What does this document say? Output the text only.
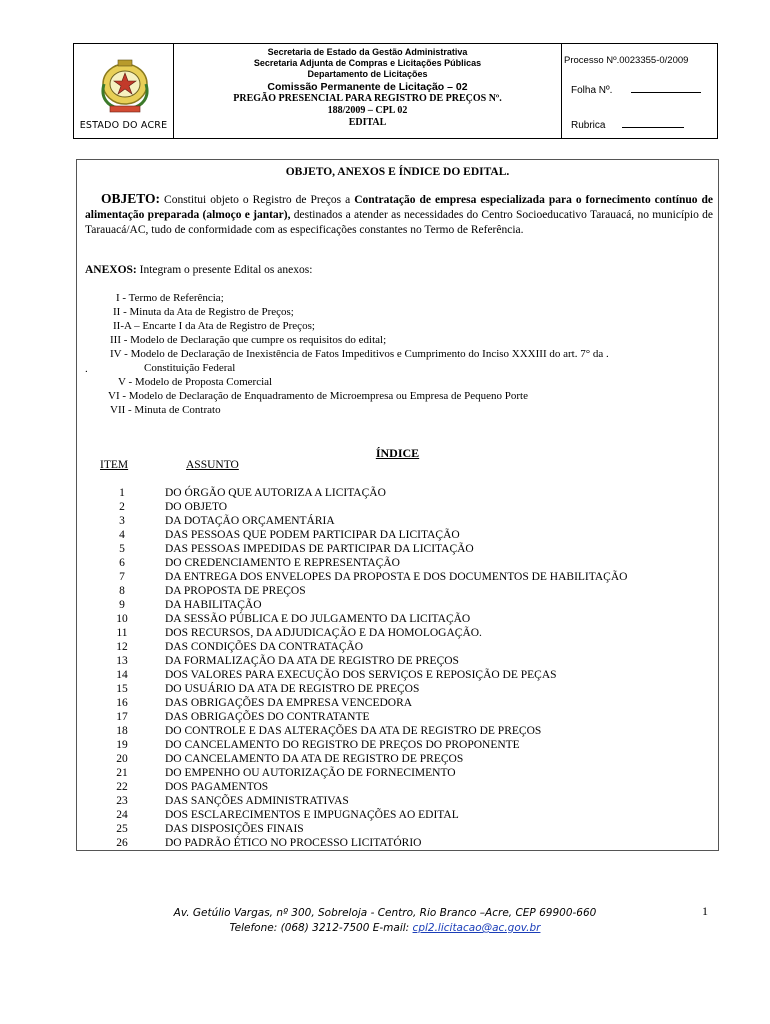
ESTADO DO ACRE
Secretaria de Estado da Gestão Administrativa
Secretaria Adjunta de Compras e Licitações Públicas
Departamento de Licitações
Comissão Permanente de Licitação – 02
PREGÃO PRESENCIAL PARA REGISTRO DE PREÇOS Nº.
188/2009 – CPL 02
EDITAL
Processo Nº.0023355-0/2009
Folha Nº.
Rubrica
OBJETO, ANEXOS E ÍNDICE DO EDITAL.
OBJETO: Constitui objeto o Registro de Preços a Contratação de empresa especializada para o fornecimento contínuo de alimentação preparada (almoço e jantar), destinados a atender as necessidades do Centro Socioeducativo Tarauacá, no município de Tarauacá/AC, tudo de conformidade com as especificações constantes no Termo de Referência.
ANEXOS: Integram o presente Edital os anexos:
I - Termo de Referência;
II - Minuta da Ata de Registro de Preços;
II-A – Encarte I da Ata de Registro de Preços;
III - Modelo de Declaração que cumpre os requisitos do edital;
IV - Modelo de Declaração de Inexistência de Fatos Impeditivos e Cumprimento do Inciso XXXIII do art. 7° da .
.	Constituição Federal
V - Modelo de Proposta Comercial
VI - Modelo de Declaração de Enquadramento de Microempresa ou Empresa de Pequeno Porte
VII - Minuta de Contrato
ÍNDICE
ITEM	ASSUNTO
1	DO ÓRGÃO QUE AUTORIZA A LICITAÇÃO
2	DO OBJETO
3	DA DOTAÇÃO ORÇAMENTÁRIA
4	DAS PESSOAS QUE PODEM PARTICIPAR DA LICITAÇÃO
5	DAS PESSOAS IMPEDIDAS DE PARTICIPAR DA LICITAÇÃO
6	DO CREDENCIAMENTO E REPRESENTAÇÃO
7	DA ENTREGA DOS ENVELOPES DA PROPOSTA E DOS DOCUMENTOS DE HABILITAÇÃO
8	DA PROPOSTA DE PREÇOS
9	DA HABILITAÇÃO
10	DA SESSÃO PÚBLICA E DO JULGAMENTO DA LICITAÇÃO
11	DOS RECURSOS, DA ADJUDICAÇÃO E DA HOMOLOGAÇÃO.
12	DAS CONDIÇÕES DA CONTRATAÇÃO
13	DA FORMALIZAÇÃO DA ATA DE REGISTRO DE PREÇOS
14	DOS VALORES PARA EXECUÇÃO DOS SERVIÇOS E REPOSIÇÃO DE PEÇAS
15	DO USUÁRIO DA ATA DE REGISTRO DE PREÇOS
16	DAS OBRIGAÇÕES DA EMPRESA VENCEDORA
17	DAS OBRIGAÇÕES DO CONTRATANTE
18	DO CONTROLE E DAS ALTERAÇÕES DA ATA DE REGISTRO DE PREÇOS
19	DO CANCELAMENTO DO REGISTRO DE PREÇOS DO PROPONENTE
20	DO CANCELAMENTO DA ATA DE REGISTRO DE PREÇOS
21	DO EMPENHO OU AUTORIZAÇÃO DE FORNECIMENTO
22	DOS PAGAMENTOS
23	DAS SANÇÕES ADMINISTRATIVAS
24	DOS ESCLARECIMENTOS E IMPUGNAÇÕES AO EDITAL
25	DAS DISPOSIÇÕES FINAIS
26	DO PADRÃO ÉTICO NO PROCESSO LICITATÓRIO
Av. Getúlio Vargas, nº 300, Sobreloja - Centro, Rio Branco –Acre, CEP 69900-660
Telefone: (068) 3212-7500 E-mail: cpl2.licitacao@ac.gov.br
1
